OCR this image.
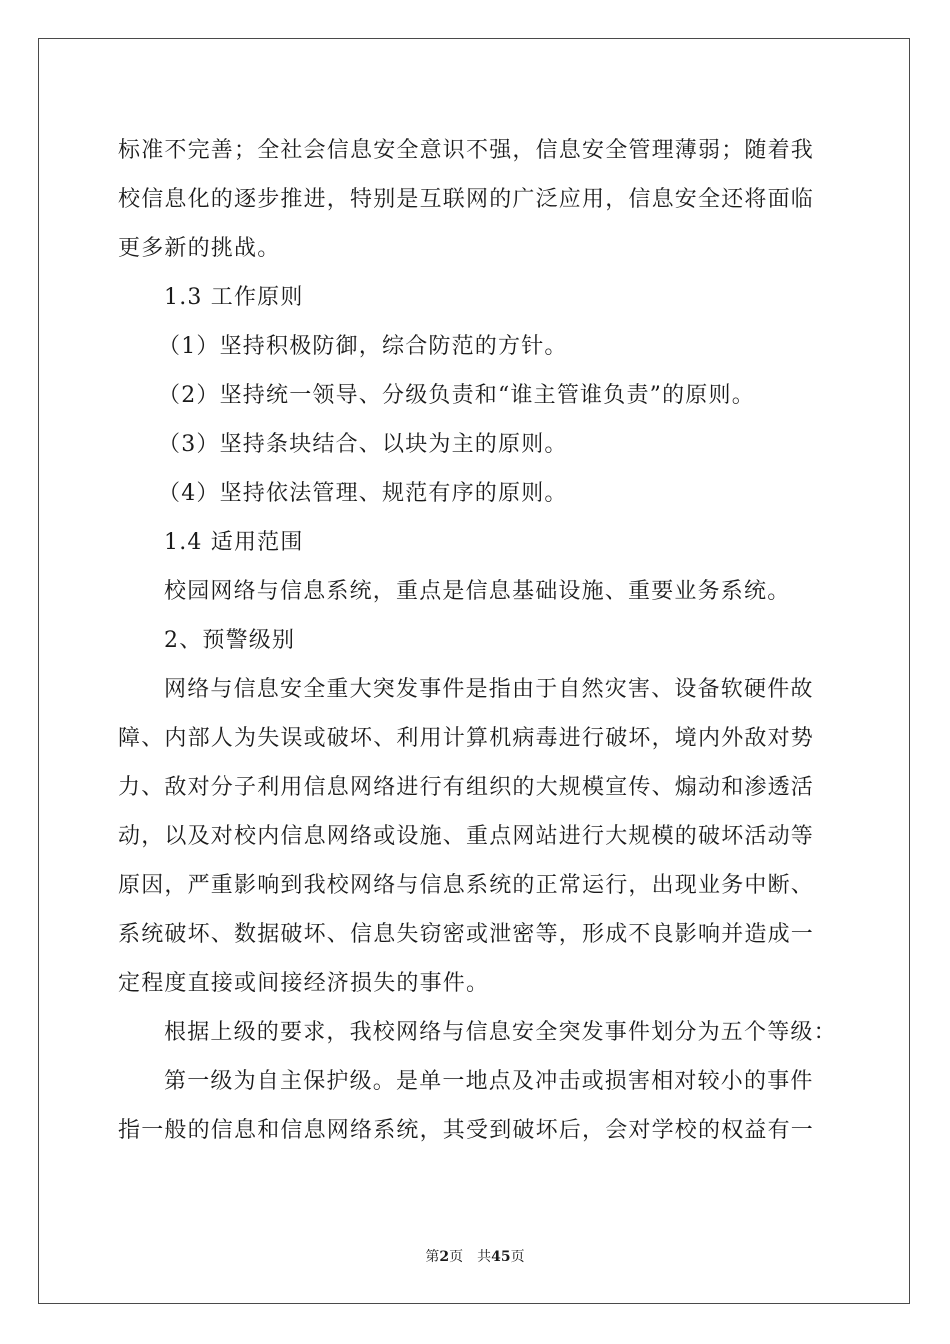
标准不完善；全社会信息安全意识不强，信息安全管理薄弱；随着我
校信息化的逐步推进，特别是互联网的广泛应用，信息安全还将面临
更多新的挑战。
1.3 工作原则
（1）坚持积极防御，综合防范的方针。
（2）坚持统一领导、分级负责和“谁主管谁负责”的原则。
（3）坚持条块结合、以块为主的原则。
（4）坚持依法管理、规范有序的原则。
1.4 适用范围
校园网络与信息系统，重点是信息基础设施、重要业务系统。
2、预警级别
网络与信息安全重大突发事件是指由于自然灾害、设备软硬件故
障、内部人为失误或破坏、利用计算机病毒进行破坏，境内外敌对势
力、敌对分子利用信息网络进行有组织的大规模宣传、煽动和渗透活
动，以及对校内信息网络或设施、重点网站进行大规模的破坏活动等
原因，严重影响到我校网络与信息系统的正常运行，出现业务中断、
系统破坏、数据破坏、信息失窃密或泄密等，形成不良影响并造成一
定程度直接或间接经济损失的事件。
根据上级的要求，我校网络与信息安全突发事件划分为五个等级：
第一级为自主保护级。是单一地点及冲击或损害相对较小的事件
指一般的信息和信息网络系统，其受到破坏后，会对学校的权益有一
第2页 共45页
